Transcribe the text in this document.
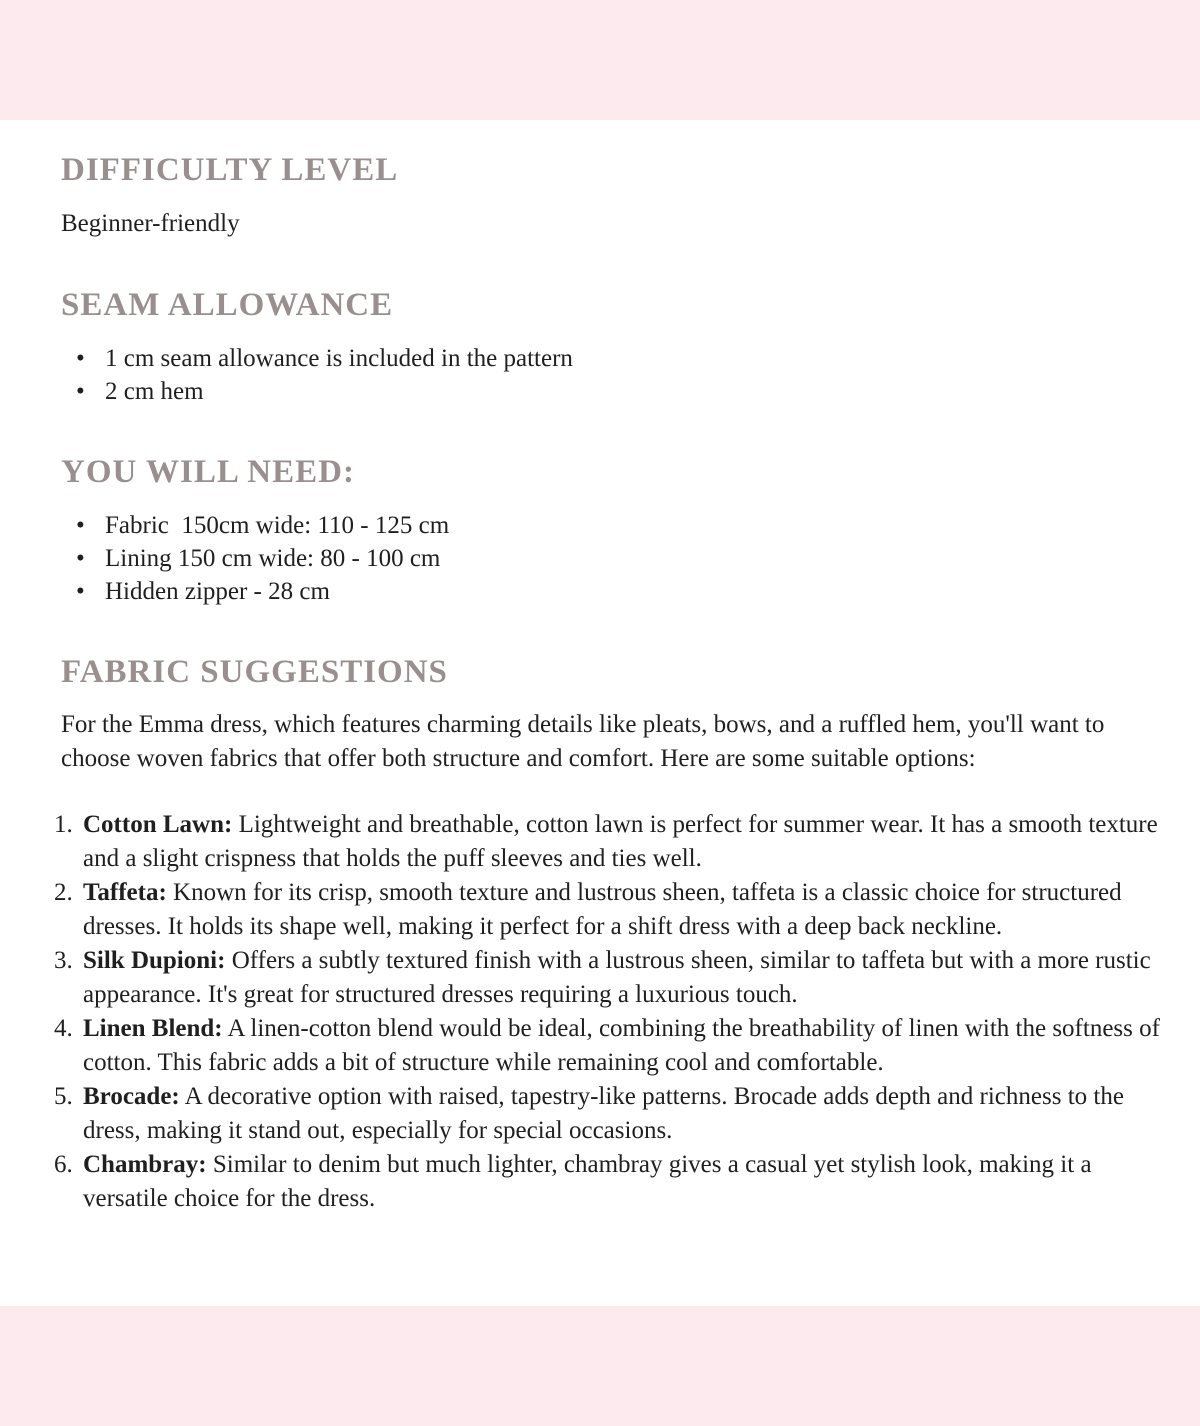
DIFFICULTY LEVEL

Beginner-friendly

SEAM ALLOWANCE
• 1 cm seam allowance is included in the pattern
• 2 cm hem
YOU WILL NEED:
• Fabric  150cm wide: 110 - 125 cm
• Lining 150 cm wide: 80 - 100 cm
• Hidden zipper - 28 cm
FABRIC SUGGESTIONS

For the Emma dress, which features charming details like pleats, bows, and a ruffled hem, you'll want to choose woven fabrics that offer both structure and comfort. Here are some suitable options:

1. Cotton Lawn: Lightweight and breathable, cotton lawn is perfect for summer wear. It has a smooth texture and a slight crispness that holds the puff sleeves and ties well.
2. Taffeta: Known for its crisp, smooth texture and lustrous sheen, taffeta is a classic choice for structured dresses. It holds its shape well, making it perfect for a shift dress with a deep back neckline.
3. Silk Dupioni: Offers a subtly textured finish with a lustrous sheen, similar to taffeta but with a more rustic appearance. It's great for structured dresses requiring a luxurious touch.
4. Linen Blend: A linen-cotton blend would be ideal, combining the breathability of linen with the softness of cotton. This fabric adds a bit of structure while remaining cool and comfortable.
5. Brocade: A decorative option with raised, tapestry-like patterns. Brocade adds depth and richness to the dress, making it stand out, especially for special occasions.
6. Chambray: Similar to denim but much lighter, chambray gives a casual yet stylish look, making it a versatile choice for the dress.
